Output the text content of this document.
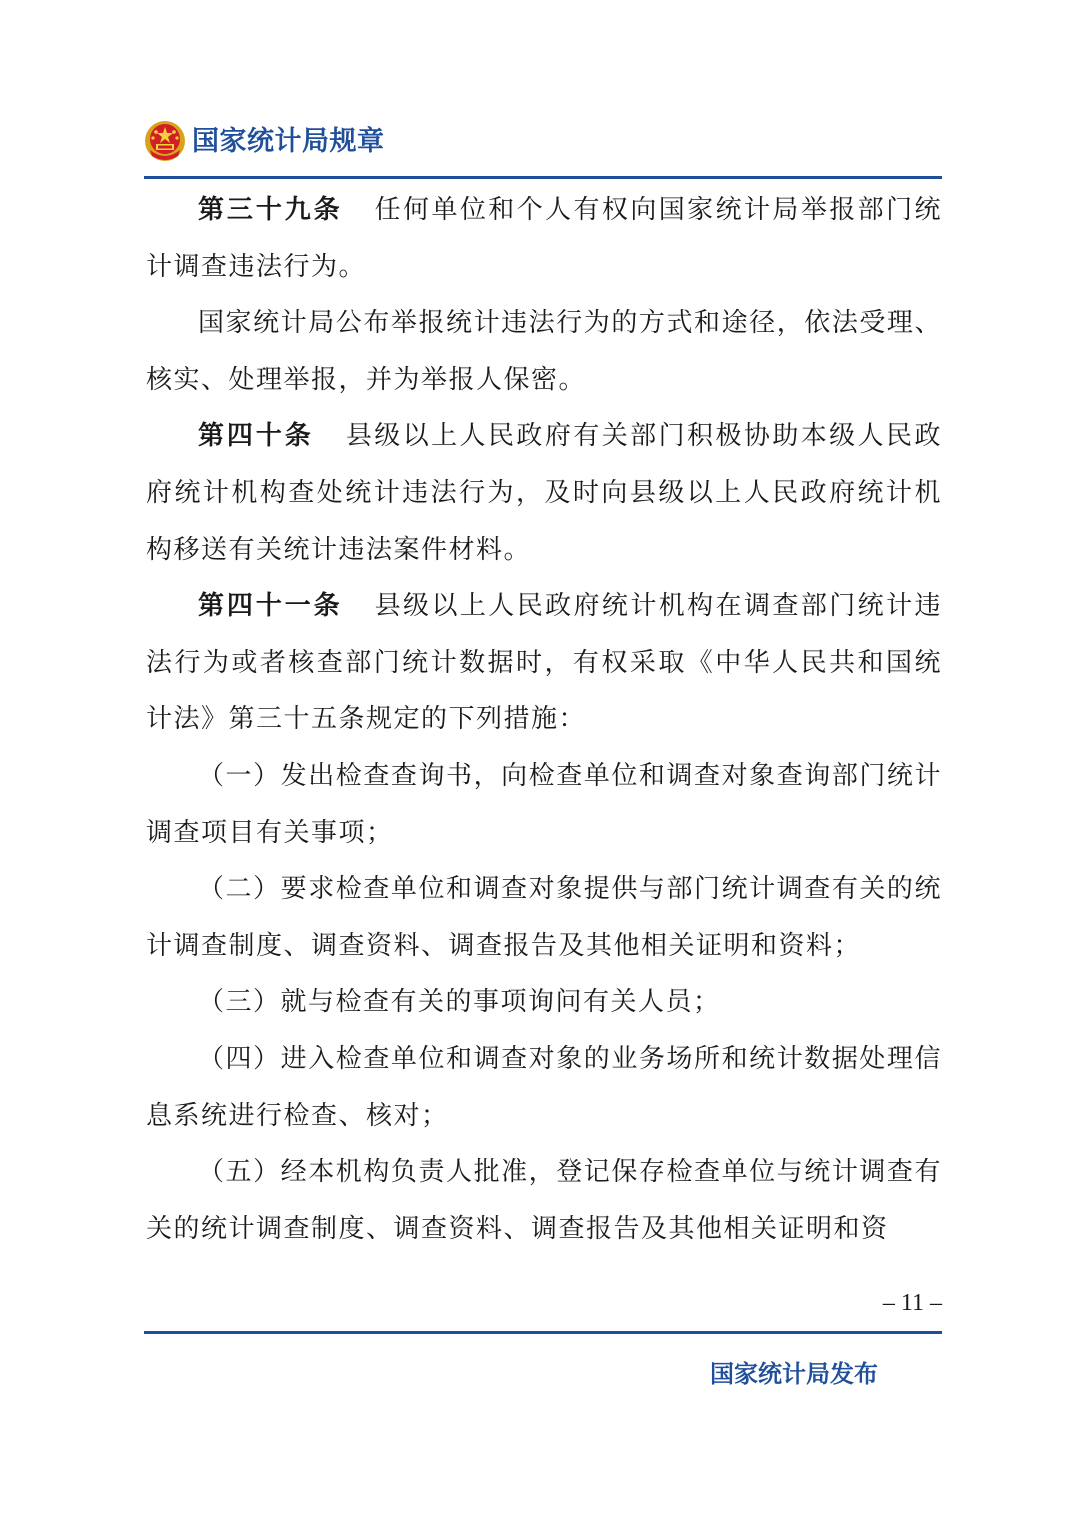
国家统计局规章

第三十九条 任何单位和个人有权向国家统计局举报部门统计调查违法行为。

国家统计局公布举报统计违法行为的方式和途径，依法受理、核实、处理举报，并为举报人保密。

第四十条 县级以上人民政府有关部门积极协助本级人民政府统计机构查处统计违法行为，及时向县级以上人民政府统计机构移送有关统计违法案件材料。

第四十一条 县级以上人民政府统计机构在调查部门统计违法行为或者核查部门统计数据时，有权采取《中华人民共和国统计法》第三十五条规定的下列措施：

（一）发出检查查询书，向检查单位和调查对象查询部门统计调查项目有关事项；

（二）要求检查单位和调查对象提供与部门统计调查有关的统计调查制度、调查资料、调查报告及其他相关证明和资料；

（三）就与检查有关的事项询问有关人员；

（四）进入检查单位和调查对象的业务场所和统计数据处理信息系统进行检查、核对；

（五）经本机构负责人批准，登记保存检查单位与统计调查有关的统计调查制度、调查资料、调查报告及其他相关证明和资

– 11 –
国家统计局发布
